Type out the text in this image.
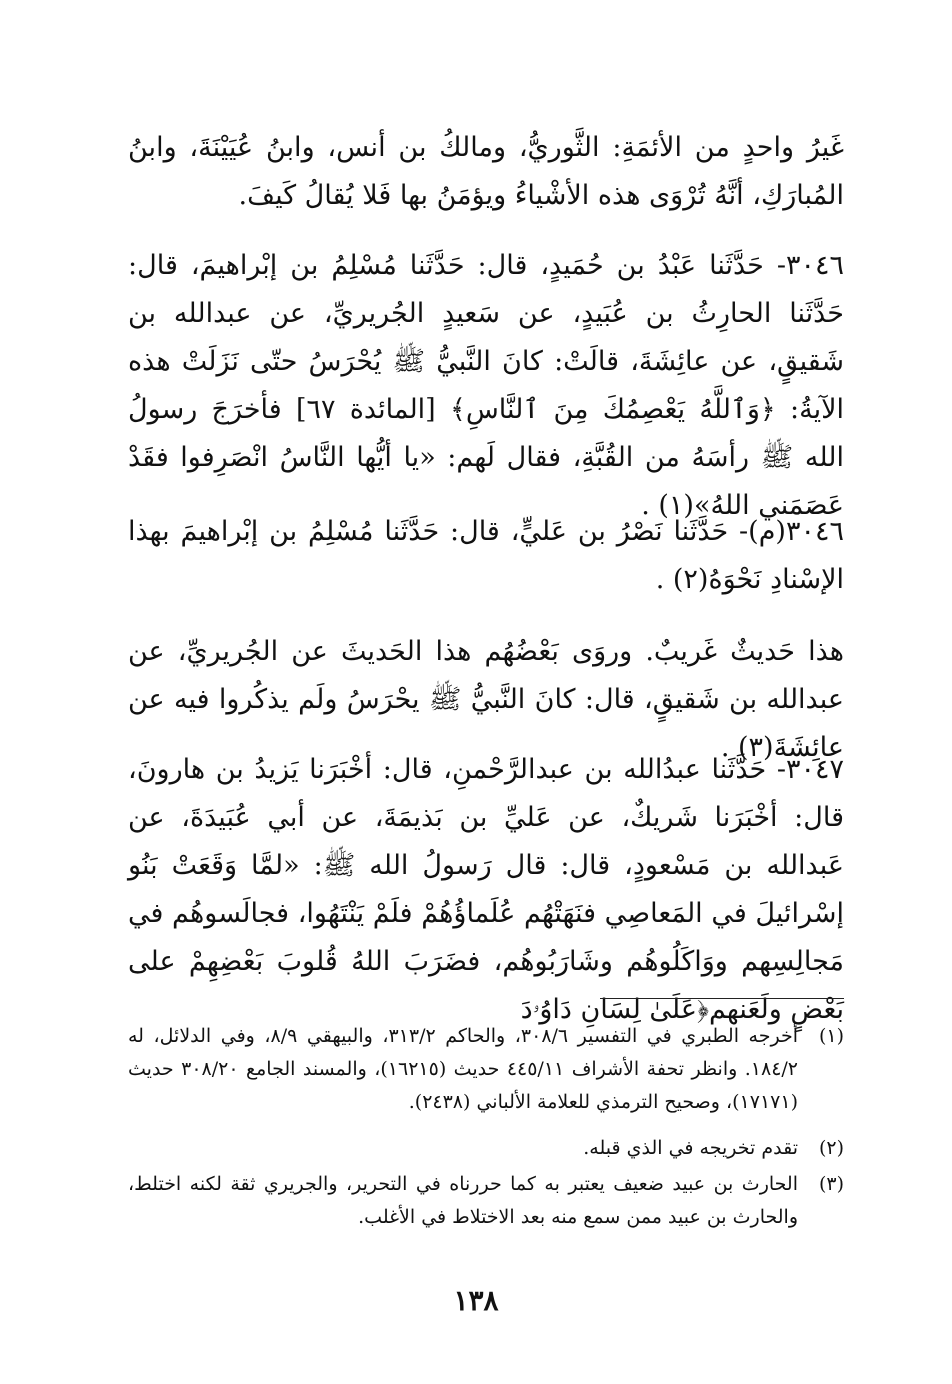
غَيرُ واحدٍ من الأئمَةِ: الثَّوريُّ، ومالكُ بن أنس، وابنُ عُيَيْنَةَ، وابنُ المُبارَكِ، أنَّهُ تُرْوَى هذه الأشْياءُ ويؤمَنُ بها فَلا يُقالُ كَيفَ.

٣٠٤٦- حَدَّثَنا عَبْدُ بن حُمَيدٍ، قال: حَدَّثَنا مُسْلِمُ بن إبْراهيمَ، قال: حَدَّثَنا الحارِثُ بن عُبَيدٍ، عن سَعيدٍ الجُريريِّ، عن عبدالله بن شَقيقٍ، عن عائِشَةَ، قالَتْ: كانَ النَّبيُّ ﷺ يُحْرَسُ حتّى نَزَلَتْ هذه الآيةُ: ﴿وَٱللَّهُ يَعْصِمُكَ مِنَ ٱلنَّاسِ﴾ [المائدة ٦٧] فأخرَجَ رسولُ الله ﷺ رأسَهُ من القُبَّةِ، فقال لَهم: «يا أيُّها النَّاسُ انْصَرِفوا فقَدْ عَصَمَني اللهُ»(١) .

٣٠٤٦(م)- حَدَّثَنا نَصْرُ بن عَليٍّ، قال: حَدَّثَنا مُسْلِمُ بن إبْراهيمَ بهذا الإسْنادِ نَحْوَهُ(٢) .

هذا حَديثٌ غَريبٌ. وروَى بَعْضُهُم هذا الحَديثَ عن الجُريريِّ، عن عبدالله بن شَقيقٍ، قال: كانَ النَّبيُّ ﷺ يحْرَسُ ولَم يذكُروا فيه عن عائِشَةَ(٣) .

٣٠٤٧- حَدَّثَنا عبدُالله بن عبدالرَّحْمنِ، قال: أخْبَرَنا يَزيدُ بن هارونَ، قال: أخْبَرَنا شَريكٌ، عن عَليِّ بن بَذيمَةَ، عن أبي عُبَيدَةَ، عن عَبدالله بن مَسْعودٍ، قال: قال رَسولُ الله ﷺ: «لمَّا وَقَعَتْ بَنُو إسْرائيلَ في المَعاصِي فنَهَتْهُم عُلَماؤُهُمْ فلَمْ يَنْتَهُوا، فجالَسوهُم في مَجالِسِهم ووَاكَلُوهُم وشَارَبُوهُم، فضَرَبَ اللهُ قُلوبَ بَعْضِهِمْ على بَعْضٍ ولَعَنهم﴿عَلَىٰ لِسَانِ دَاوُۥدَ

(١)
أخرجه الطبري في التفسير ٣٠٨/٦، والحاكم ٣١٣/٢، والبيهقي ٨/٩، وفي الدلائل، له ١٨٤/٢. وانظر تحفة الأشراف ٤٤٥/١١ حديث (١٦٢١٥)، والمسند الجامع ٣٠٨/٢٠ حديث (١٧١٧١)، وصحيح الترمذي للعلامة الألباني (٢٤٣٨).
(٢)
تقدم تخريجه في الذي قبله.
(٣)
الحارث بن عبيد ضعيف يعتبر به كما حررناه في التحرير، والجريري ثقة لكنه اختلط، والحارث بن عبيد ممن سمع منه بعد الاختلاط في الأغلب.
١٣٨
